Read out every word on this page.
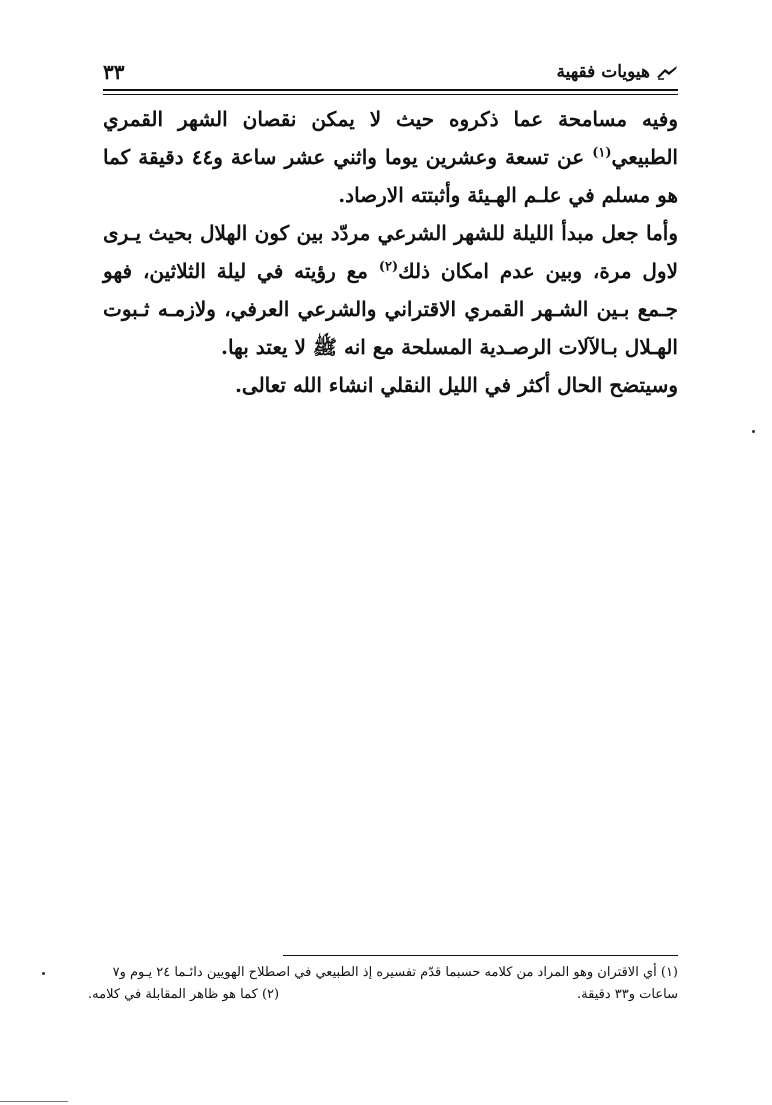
٣٣	هيويات فقهية

وفيه مسامحة عما ذكروه حيث لا يمكن نقصان الشهر القمري الطبيعي$^{(١)}$ عن تسعة وعشرين يوما واثني عشر ساعة و٤٤ دقيقة كما هو مسلم في علـم الهـيئة وأثبتته الارصاد.

وأما جعل مبدأ الليلة للشهر الشرعي مردّد بين كون الهلال بحيث يـرى لاول مرة، وبين عدم امكان ذلك$^{(٢)}$ مع رؤيته في ليلة الثلاثين، فهو جـمع بـين الشـهر القمري الاقتراني والشرعي العرفي، ولازمـه ثـبوت الهـلال بـالآلات الرصـدية المسلحة مع انه ﷺ لا يعتد بها.

وسيتضح الحال أكثر في الليل النقلي انشاء الله تعالى.

(١) أي الاقتران وهو المراد من كلامه حسبما قدّم تفسيره إذ الطبيعي في اصطلاح الهويين دائـما ٢٤ يـوم و٧

ساعات و٣٣ دقيقة.
(٢) كما هو ظاهر المقابلة في كلامه.
